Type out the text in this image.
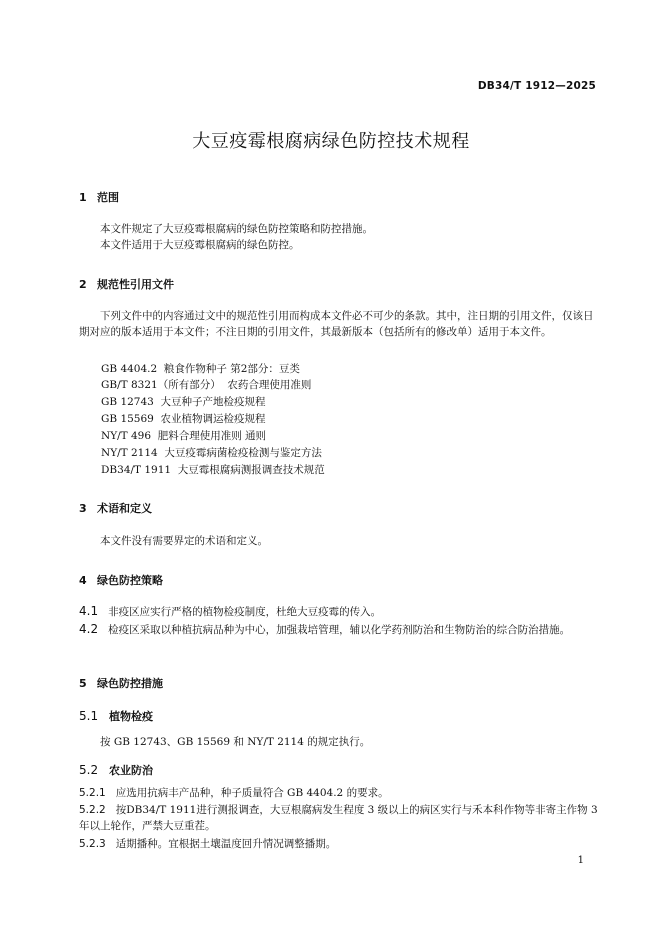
DB34/T 1912—2025
大豆疫霉根腐病绿色防控技术规程
1 范围
本文件规定了大豆疫霉根腐病的绿色防控策略和防控措施。
本文件适用于大豆疫霉根腐病的绿色防控。
2 规范性引用文件
下列文件中的内容通过文中的规范性引用而构成本文件必不可少的条款。其中，注日期的引用文件，仅该日期对应的版本适用于本文件；不注日期的引用文件，其最新版本（包括所有的修改单）适用于本文件。
GB 4404.2  粮食作物种子 第2部分：豆类
GB/T 8321（所有部分）  农药合理使用准则
GB 12743  大豆种子产地检疫规程
GB 15569  农业植物调运检疫规程
NY/T 496  肥料合理使用准则 通则
NY/T 2114  大豆疫霉病菌检疫检测与鉴定方法
DB34/T 1911  大豆霉根腐病测报调查技术规范
3 术语和定义
本文件没有需要界定的术语和定义。
4 绿色防控策略
4.1 非疫区应实行严格的植物检疫制度，杜绝大豆疫霉的传入。
4.2 检疫区采取以种植抗病品种为中心，加强栽培管理，辅以化学药剂防治和生物防治的综合防治措施。
5 绿色防控措施
5.1 植物检疫
按 GB 12743、GB 15569 和 NY/T 2114 的规定执行。
5.2 农业防治
5.2.1 应选用抗病丰产品种，种子质量符合 GB 4404.2 的要求。
5.2.2 按DB34/T 1911进行测报调查，大豆根腐病发生程度 3 级以上的病区实行与禾本科作物等非寄主作物 3 年以上轮作，严禁大豆重茬。
5.2.3 适期播种。宜根据土壤温度回升情况调整播期。
1
